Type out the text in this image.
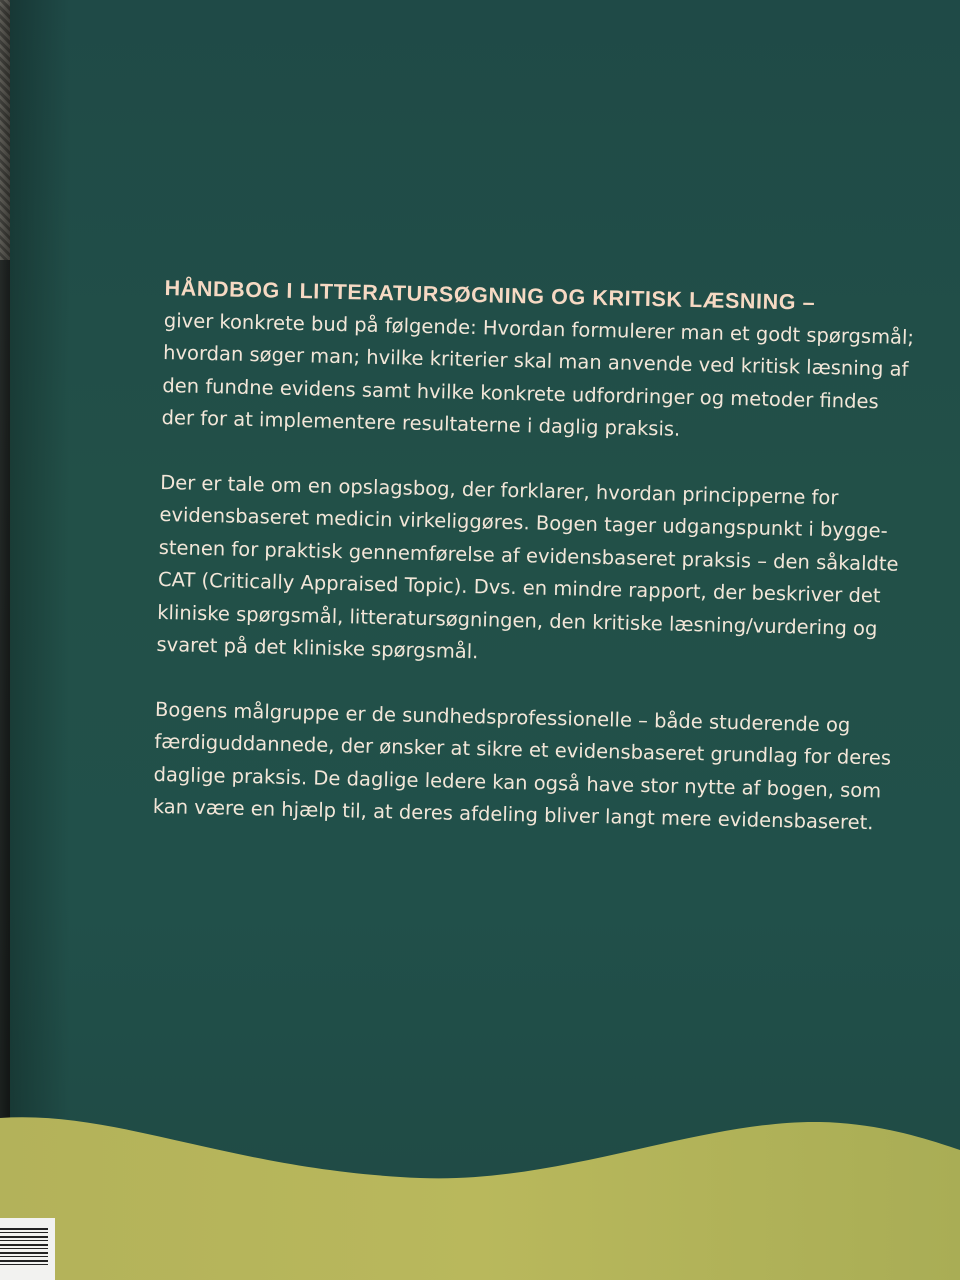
HÅNDBOG I LITTERATURSØGNING OG KRITISK LÆSNING –
giver konkrete bud på følgende: Hvordan formulerer man et godt spørgsmål;
hvordan søger man; hvilke kriterier skal man anvende ved kritisk læsning af
den fundne evidens samt hvilke konkrete udfordringer og metoder findes
der for at implementere resultaterne i daglig praksis.
Der er tale om en opslagsbog, der forklarer, hvordan principperne for
evidensbaseret medicin virkeliggøres. Bogen tager udgangspunkt i bygge-
stenen for praktisk gennemførelse af evidensbaseret praksis – den såkaldte
CAT (Critically Appraised Topic). Dvs. en mindre rapport, der beskriver det
kliniske spørgsmål, litteratursøgningen, den kritiske læsning/vurdering og
svaret på det kliniske spørgsmål.
Bogens målgruppe er de sundhedsprofessionelle – både studerende og
færdiguddannede, der ønsker at sikre et evidensbaseret grundlag for deres
daglige praksis. De daglige ledere kan også have stor nytte af bogen, som
kan være en hjælp til, at deres afdeling bliver langt mere evidensbaseret.
